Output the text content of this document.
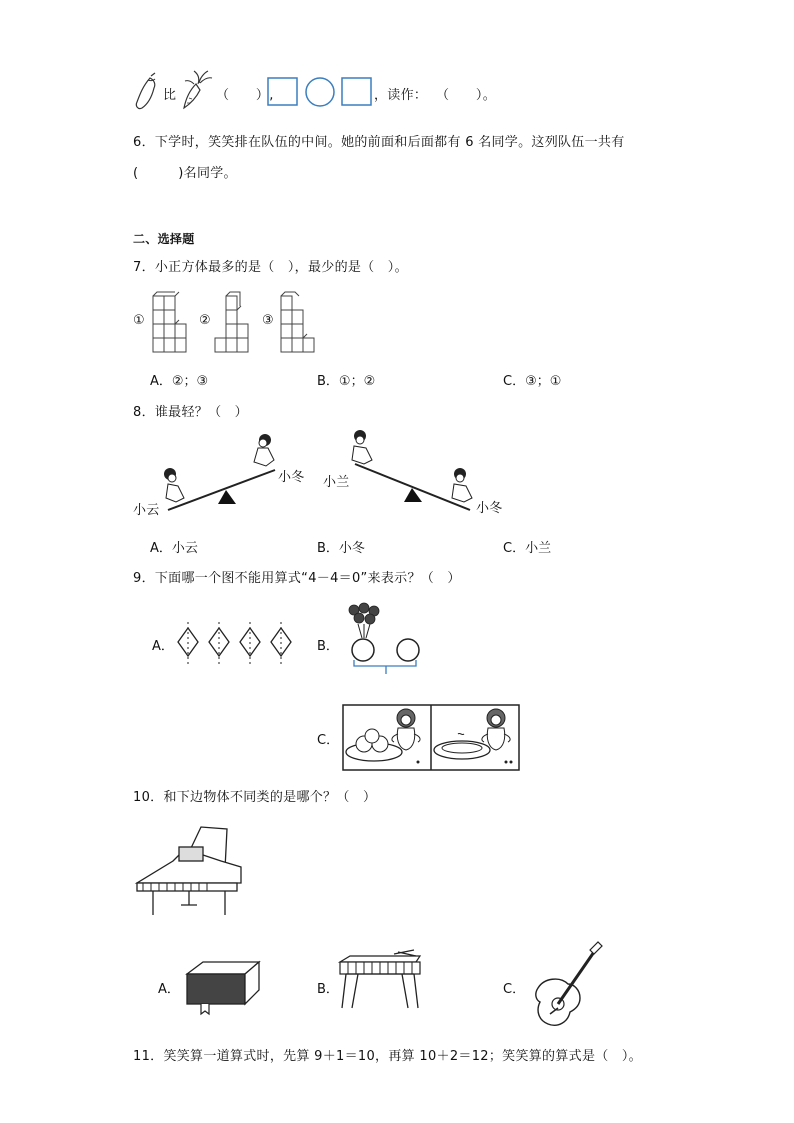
比	（　　）,	，读作： （　　）。
6．下学时，笑笑排在队伍的中间。她的前面和后面都有 6 名同学。这列队伍一共有
(　　　)名同学。
二、选择题
7．小正方体最多的是（　），最少的是（　）。
①	②	③
A．②；③	B．①；②	C．③；①
8．谁最轻？（　）
小云
小冬 小兰
小冬
A．小云	B．小冬	C．小兰
9．下面哪一个图不能用算式“4－4＝0”来表示？（　）
A．	B．
C．
10．和下边物体不同类的是哪个？（　）
A．	B．	C．
11．笑笑算一道算式时，先算 9＋1＝10，再算 10＋2＝12；笑笑算的算式是（　）。
